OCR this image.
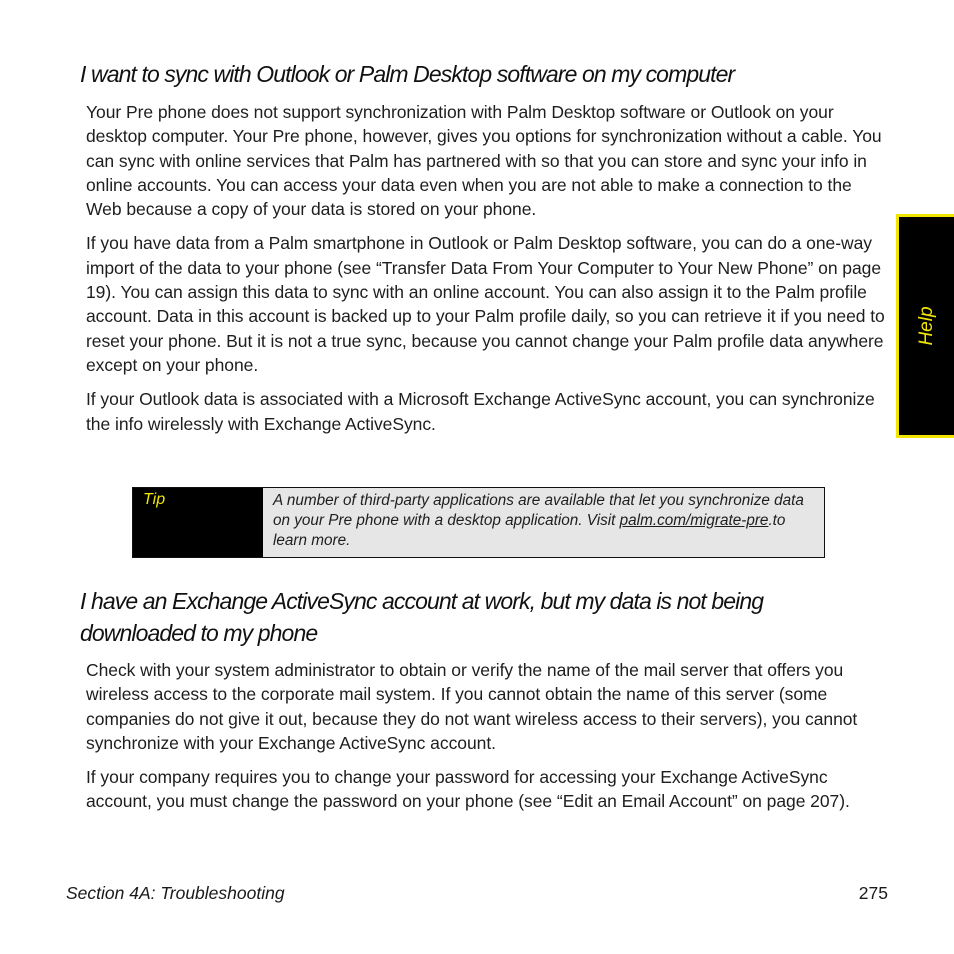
I want to sync with Outlook or Palm Desktop software on my computer

Your Pre phone does not support synchronization with Palm Desktop software or Outlook on your desktop computer. Your Pre phone, however, gives you options for synchronization without a cable. You can sync with online services that Palm has partnered with so that you can store and sync your info in online accounts. You can access your data even when you are not able to make a connection to the Web because a copy of your data is stored on your phone.

If you have data from a Palm smartphone in Outlook or Palm Desktop software, you can do a one-way import of the data to your phone (see “Transfer Data From Your Computer to Your New Phone” on page 19). You can assign this data to sync with an online account. You can also assign it to the Palm profile account. Data in this account is backed up to your Palm profile daily, so you can retrieve it if you need to reset your phone. But it is not a true sync, because you cannot change your Palm profile data anywhere except on your phone.

If your Outlook data is associated with a Microsoft Exchange ActiveSync account, you can synchronize the info wirelessly with Exchange ActiveSync.

Tip	A number of third-party applications are available that let you synchronize data on your Pre phone with a desktop application. Visit palm.com/migrate-pre.to learn more.
I have an Exchange ActiveSync account at work, but my data is not being downloaded to my phone

Check with your system administrator to obtain or verify the name of the mail server that offers you wireless access to the corporate mail system. If you cannot obtain the name of this server (some companies do not give it out, because they do not want wireless access to their servers), you cannot synchronize with your Exchange ActiveSync account.

If your company requires you to change your password for accessing your Exchange ActiveSync account, you must change the password on your phone (see “Edit an Email Account” on page 207).

Help
Section 4A: Troubleshooting	275
